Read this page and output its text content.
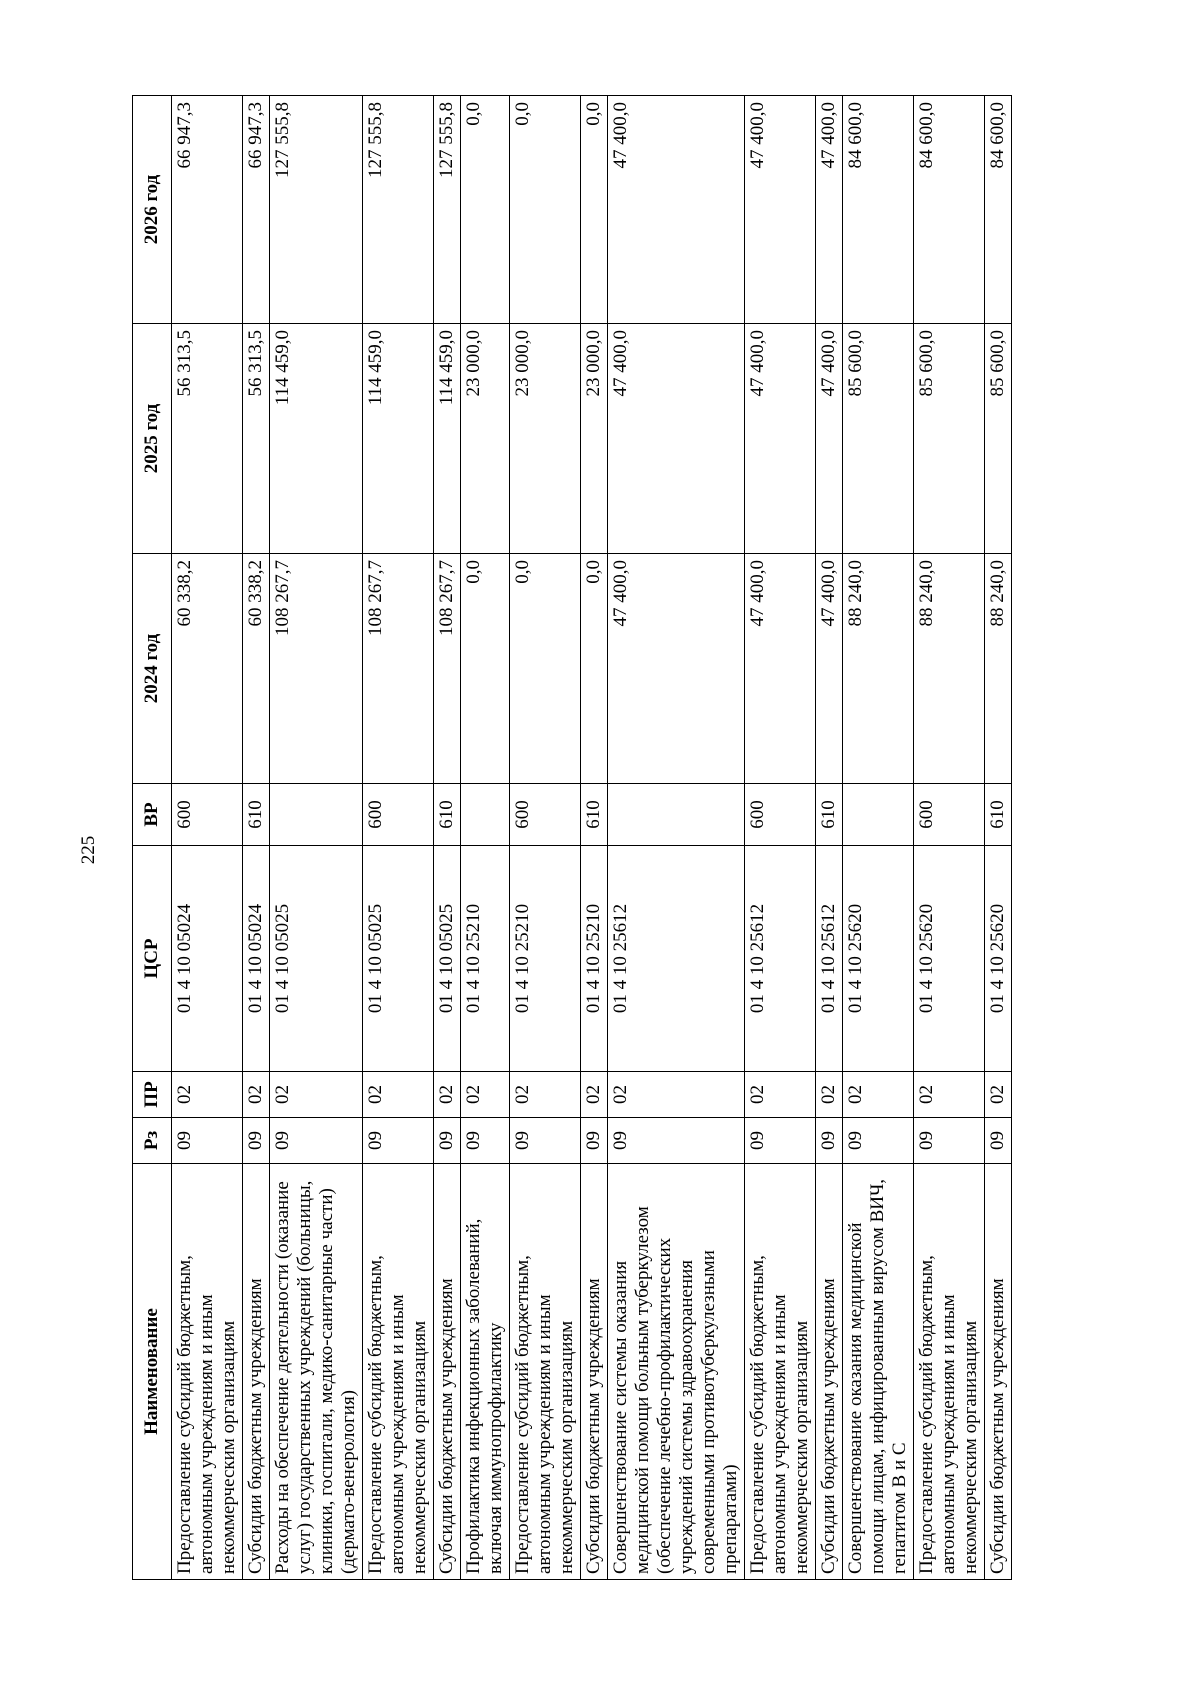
225
Наименование	Рз	ПР	ЦСР	ВР	2024 год	2025 год	2026 год
Предоставление субсидий бюджетным, автономным учреждениям и иным некоммерческим организациям	09	02	01 4 10 05024	600	60 338,2	56 313,5	66 947,3
Субсидии бюджетным учреждениям	09	02	01 4 10 05024	610	60 338,2	56 313,5	66 947,3
Расходы на обеспечение деятельности (оказание услуг) государственных учреждений (больницы, клиники, госпитали, медико-санитарные части) (дермато-венерология)	09	02	01 4 10 05025		108 267,7	114 459,0	127 555,8
Предоставление субсидий бюджетным, автономным учреждениям и иным некоммерческим организациям	09	02	01 4 10 05025	600	108 267,7	114 459,0	127 555,8
Субсидии бюджетным учреждениям	09	02	01 4 10 05025	610	108 267,7	114 459,0	127 555,8
Профилактика инфекционных заболеваний, включая иммунопрофилактику	09	02	01 4 10 25210		0,0	23 000,0	0,0
Предоставление субсидий бюджетным, автономным учреждениям и иным некоммерческим организациям	09	02	01 4 10 25210	600	0,0	23 000,0	0,0
Субсидии бюджетным учреждениям	09	02	01 4 10 25210	610	0,0	23 000,0	0,0
Совершенствование системы оказания медицинской помощи больным туберкулезом (обеспечение лечебно-профилактических учреждений системы здравоохранения современными противотуберкулезными препаратами)	09	02	01 4 10 25612		47 400,0	47 400,0	47 400,0
Предоставление субсидий бюджетным, автономным учреждениям и иным некоммерческим организациям	09	02	01 4 10 25612	600	47 400,0	47 400,0	47 400,0
Субсидии бюджетным учреждениям	09	02	01 4 10 25612	610	47 400,0	47 400,0	47 400,0
Совершенствование оказания медицинской помощи лицам, инфицированным вирусом ВИЧ, гепатитом В и С	09	02	01 4 10 25620		88 240,0	85 600,0	84 600,0
Предоставление субсидий бюджетным, автономным учреждениям и иным некоммерческим организациям	09	02	01 4 10 25620	600	88 240,0	85 600,0	84 600,0
Субсидии бюджетным учреждениям	09	02	01 4 10 25620	610	88 240,0	85 600,0	84 600,0
